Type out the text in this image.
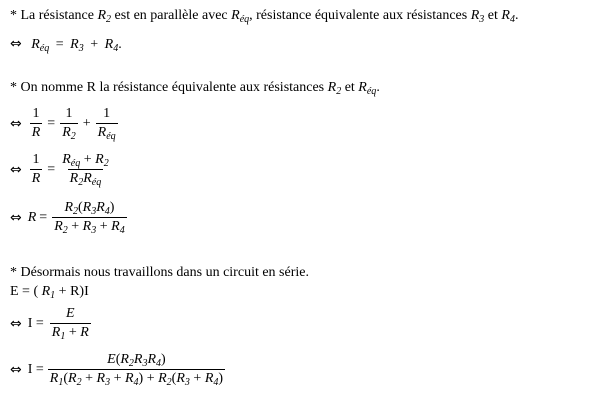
* La résistance $R_2$ est en parallèle avec $R_{éq}$, résistance équivalente aux résistances $R_3$ et $R_4$.
⇔ $R_{éq} = R_3 + R_4$.
* On nomme R la résistance équivalente aux résistances $R_2$ et $R_{éq}$.
⇔ $\frac{1}{R} = \frac{1}{R_2} + \frac{1}{R_{éq}}$
⇔ $\frac{1}{R} = \frac{R_{éq} + R_2}{R_2R_{éq}}$
⇔ $R = \frac{R_2(R_3R_4)}{R_2 + R_3 + R_4}$
* Désormais nous travaillons dans un circuit en série.
E = ( $R_1 + R)I$
⇔ $I = \frac{E}{R_1 + R}$
⇔ $I = \frac{E(R_2R_3R_4)}{R_1(R_2 + R_3 + R_4) + R_2(R_3 + R_4)}$
